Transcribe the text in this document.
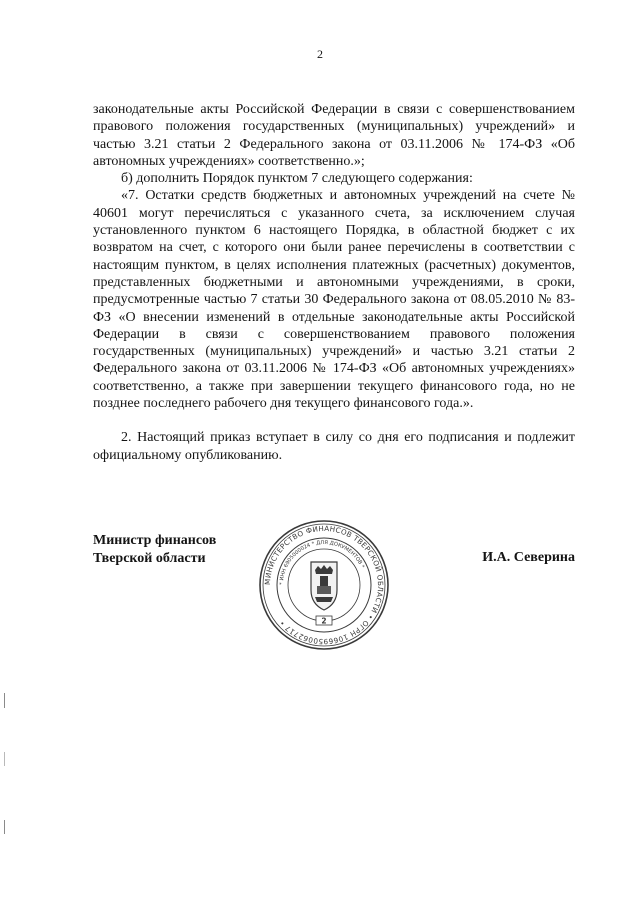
2

законодательные акты Российской Федерации в связи с совершенствованием правового положения государственных (муниципальных) учреждений» и частью 3.21 статьи 2 Федерального закона от 03.11.2006 № 174-ФЗ «Об автономных учреждениях» соответственно.»;

б) дополнить Порядок пунктом 7 следующего содержания:

«7. Остатки средств бюджетных и автономных учреждений на счете № 40601 могут перечисляться с указанного счета, за исключением случая установленного пунктом 6 настоящего Порядка, в областной бюджет с их возвратом на счет, с которого они были ранее перечислены в соответствии с настоящим пунктом, в целях исполнения платежных (расчетных) документов, представленных бюджетными и автономными учреждениями, в сроки, предусмотренные частью 7 статьи 30 Федерального закона от 08.05.2010 № 83-ФЗ «О внесении изменений в отдельные законодательные акты Российской Федерации в связи с совершенствованием правового положения государственных (муниципальных) учреждений» и частью 3.21 статьи 2 Федерального закона от 03.11.2006 № 174-ФЗ «Об автономных учреждениях» соответственно, а также при завершении текущего финансового года, но не позднее последнего рабочего дня текущего финансового года.».

2. Настоящий приказ вступает в силу со дня его подписания и подлежит официальному опубликованию.

Министр финансов
Тверской области	И.А. Северина
МИНИСТЕРСТВО ФИНАНСОВ ТВЕРСКОЙ ОБЛАСТИ • ОГРН 1066950062717 •
* ИНН 6905000024 * ДЛЯ ДОКУМЕНТОВ *
2
